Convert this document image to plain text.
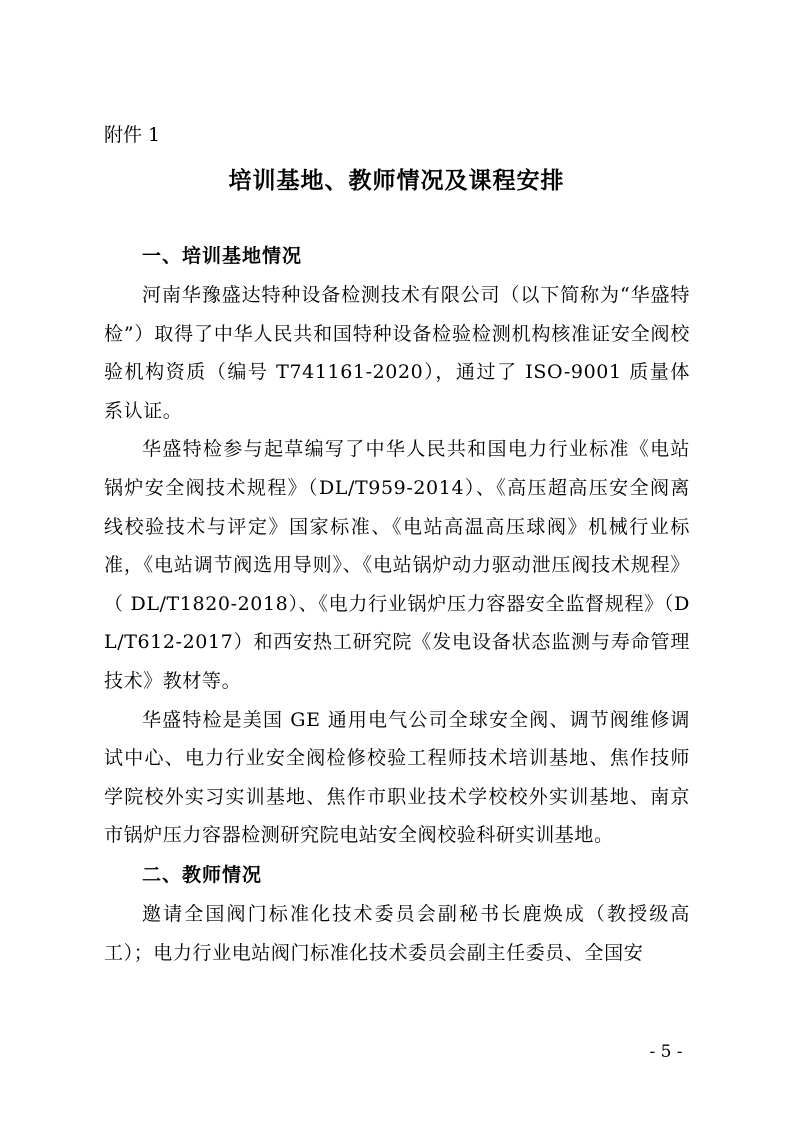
附件 1
培训基地、教师情况及课程安排
一、培训基地情况

河南华豫盛达特种设备检测技术有限公司（以下简称为“华盛特检”）取得了中华人民共和国特种设备检验检测机构核准证安全阀校验机构资质（编号 T741161-2020），通过了 ISO-9001 质量体系认证。

华盛特检参与起草编写了中华人民共和国电力行业标准《电站锅炉安全阀技术规程》（DL/T959-2014）、《高压超高压安全阀离线校验技术与评定》国家标准、《电站高温高压球阀》机械行业标准，《电站调节阀选用导则》、《电站锅炉动力驱动泄压阀技术规程》（ DL/T1820-2018）、《电力行业锅炉压力容器安全监督规程》（DL/T612-2017）和西安热工研究院《发电设备状态监测与寿命管理技术》教材等。

华盛特检是美国 GE 通用电气公司全球安全阀、调节阀维修调试中心、电力行业安全阀检修校验工程师技术培训基地、焦作技师学院校外实习实训基地、焦作市职业技术学校校外实训基地、南京市锅炉压力容器检测研究院电站安全阀校验科研实训基地。

二、教师情况

邀请全国阀门标准化技术委员会副秘书长鹿焕成（教授级高工）；电力行业电站阀门标准化技术委员会副主任委员、全国安

- 5 -
